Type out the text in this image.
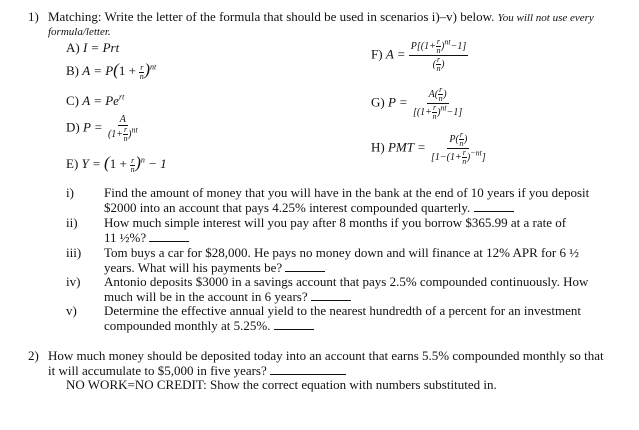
1) Matching: Write the letter of the formula that should be used in scenarios i)–v) below. You will not use every
formula/letter.
A) I = Prt
B) $A = P(1 + \frac{r}{n} )^{nt}$
C) $A = Pe^{rt}$
D) $P = \frac{A}{(1+ \frac{r}{n} )^{nt}}$
E) $Y = (1 + \frac{r}{n} )^n - 1$
F) $A = \frac{P[(1+ \frac{r}{n} )^{nt}-1]}{( \frac{r}{n} )}$
G) $P = \frac{A( \frac{r}{n} )}{[(1+ \frac{r}{n} )^{nt}-1]}$
H) PMT = $\frac{P( \frac{r}{n} )}{[1-(1+ \frac{r}{n} )^{-nt}]}$
i) Find the amount of money that you will have in the bank at the end of 10 years if you deposit
$2000 into an account that pays 4.25% interest compounded quarterly.
ii) How much simple interest will you pay after 8 months if you borrow $365.99 at a rate of
11 ½%?
iii) Tom buys a car for $28,000. He pays no money down and will finance at 12% APR for 6 ½
years. What will his payments be?
iv) Antonio deposits $3000 in a savings account that pays 2.5% compounded continuously. How
much will be in the account in 6 years?
v) Determine the effective annual yield to the nearest hundredth of a percent for an investment
compounded monthly at 5.25%.
2) How much money should be deposited today into an account that earns 5.5% compounded monthly so that
it will accumulate to $5,000 in five years?
NO WORK=NO CREDIT: Show the correct equation with numbers substituted in.
